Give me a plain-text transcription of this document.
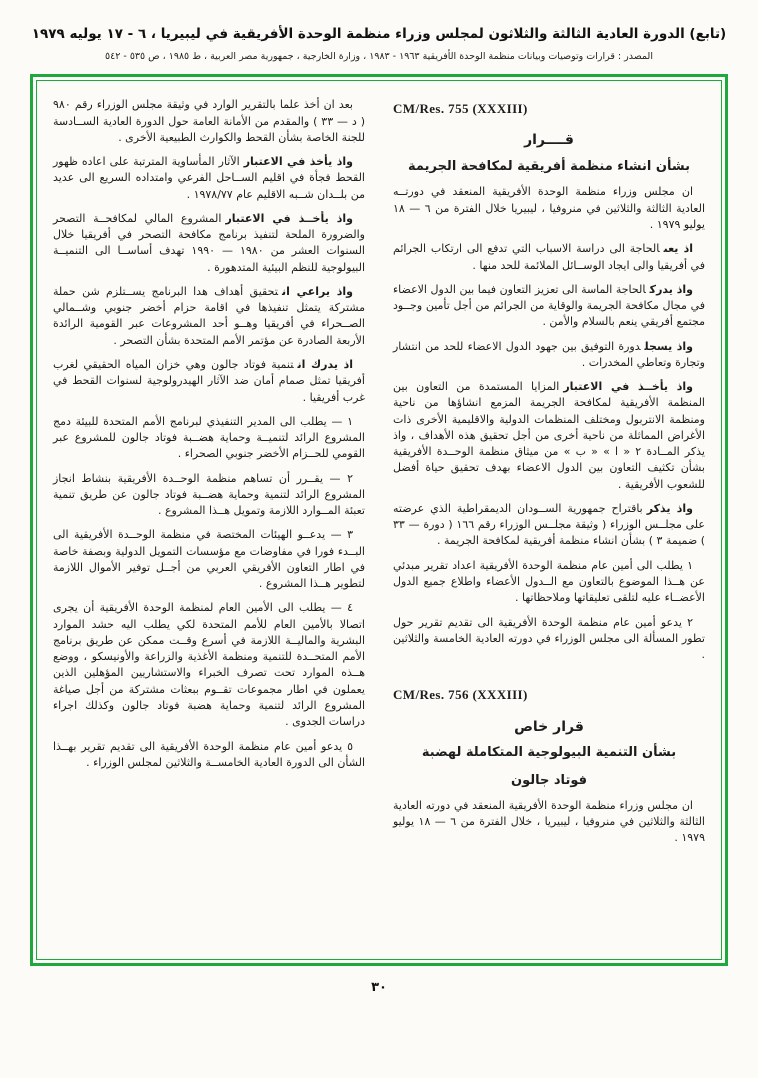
(تابع) الدورة العادية الثالثة والثلاثون لمجلس وزراء منظمة الوحدة الأفريقية في ليبيريا ، ٦ - ١٧ يوليه ١٩٧٩
المصدر : قرارات وتوصيات وبيانات منظمة الوحدة الأفريقية ١٩٦٣ - ١٩٨٣ ، وزارة الخارجية ، جمهورية مصر العربية ، ط ١٩٨٥ ، ص ٥٣٥ - ٥٤٢
CM/Res. 755 (XXXIII)
قــــرار
بشأن انشاء منظمة أفريقية لمكافحة الجريمة

ان مجلس وزراء منظمة الوحدة الأفريقية المنعقد في دورتــه العادية الثالثة والثلاثين في منروفيا ، ليبيريا خلال الفترة من ٦ — ١٨ يوليو ١٩٧٩ .

اذ يعىالحاجة الى دراسة الاسباب التي تدفع الى ارتكاب الجرائم في أفريقيا والى ايجاد الوســائل الملائمة للحد منها .

واذ يدركالحاجة الماسة الى تعزيز التعاون فيما بين الدول الاعضاء في مجال مكافحة الجريمة والوقاية من الجرائم من أجل تأمين وجــود مجتمع أفريقي ينعم بالسلام والأمن .

واذ يسجلدورة التوفيق بين جهود الدول الاعضاء للحد من انتشار وتجارة وتعاطي المخدرات .

واذ يأخــذ في الاعتبارالمزايا المستمدة من التعاون بين المنظمة الأفريقية لمكافحة الجريمة المزمع انشاؤها من ناحية ومنظمة الانتربول ومختلف المنظمات الدولية والاقليمية الأخرى ذات الأغراض المماثلة من ناحية أخرى من أجل تحقيق هذه الأهداف ، واذ يذكر المــادة ٢ « ا » « ب » من ميثاق منظمة الوحــدة الأفريقية بشأن تكثيف التعاون بين الدول الاعضاء بهدف تحقيق حياة أفضل للشعوب الأفريقية .

واذ يذكرباقتراح جمهورية الســودان الديمقراطية الذي عرضته على مجلــس الوزراء ( وثيقة مجلــس الوزراء رقم ١٦٦ ( دورة — ٣٣ ) ضميمة ٣ ) بشأن انشاء منظمة أفريقية لمكافحة الجريمة .

١ يطلب الى أمين عام منظمة الوحدة الأفريقية اعداد تقرير مبدئي عن هــذا الموضوع بالتعاون مع الــدول الأعضاء واطلاع جميع الدول الأعضــاء عليه لتلقى تعليقاتها وملاحظاتها .

٢ يدعو أمين عام منظمة الوحدة الأفريقية الى تقديم تقرير حول تطور المسألة الى مجلس الوزراء في دورته العادية الخامسة والثلاثين .

CM/Res. 756 (XXXIII)
قرار خاص
بشأن التنمية البيولوجية المتكاملة لهضبة
فوتاد جالون

ان مجلس وزراء منظمة الوحدة الأفريقية المنعقد في دورته العادية الثالثة والثلاثين في منروفيا ، ليبيريا ، خلال الفترة من ٦ — ١٨ يوليو ١٩٧٩ .

بعد ان أخذ علما بالتقرير الوارد في وثيقة مجلس الوزراء رقم ٩٨٠ ( د — ٣٣ ) والمقدم من الأمانة العامة حول الدورة العادية الســادسة للجنة الخاصة بشأن القحط والكوارث الطبيعية الأخرى .

واذ يأخذ في الاعتبارالآثار المأساوية المترتبة على اعاده ظهور القحط فجأة في اقليم الســاحل الفرعي وامتداده السريع الى عديد من بلــدان شــبه الاقليم عام ١٩٧٨/٧٧ .

واذ يأخــذ في الاعتبارالمشروع المالي لمكافحــة التصحر والضرورة الملحة لتنفيذ برنامج مكافحة التصحر في أفريقيا خلال السنوات العشر من ١٩٨٠ — ١٩٩٠ تهدف أساســا الى التنميــة البيولوجية للنظم البيئية المتدهورة .

واذ يراعي انتحقيق أهداف هدا البرنامج يســتلزم شن حملة مشتركة يتمثل تنفيذها في اقامة حزام أخضر جنوبي وشــمالي الصــحراء في أفريقيا وهــو أحد المشروعات عبر القومية الرائدة الأربعة الصادرة عن مؤتمر الأمم المتحدة بشأن التصحر .

اذ يدرك انتنمية فوتاد جالون وهي خزان المياه الحقيقي لغرب أفريقيا تمثل صمام أمان ضد الآثار الهيدرولوجية لسنوات القحط في غرب أفريقيا .

١ — يطلب الى المدير التنفيذي لبرنامج الأمم المتحدة للبيئة دمج المشروع الرائد لتنميــة وحماية هضــبة فوتاد جالون للمشروع عبر القومي للحــزام الأخضر جنوبي الصحراء .

٢ — يقــرر أن تساهم منظمة الوحــدة الأفريقية بنشاط انجاز المشروع الرائد لتنمية وحماية هضــبة فوتاد جالون عن طريق تنمية تعبئة المــوارد اللازمة وتمويل هــذا المشروع .

٣ — يدعــو الهيئات المختصة في منظمة الوحــدة الأفريقية الى البــدء فورا في مفاوضات مع مؤسسات التمويل الدولية وبصفة خاصة في اطار التعاون الأفريقي العربي من أجــل توفير الأموال اللازمة لتطوير هــذا المشروع .

٤ — يطلب الى الأمين العام لمنظمة الوحدة الأفريقية أن يجرى اتصالا بالأمين العام للأمم المتحدة لكي يطلب اليه حشد الموارد البشرية والماليــة اللازمة في أسرع وقــت ممكن عن طريق برنامج الأمم المتحــدة للتنمية ومنظمة الأغذية والزراعة والأونيسكو ، ووضع هــذه الموارد تحت تصرف الخبراء والاستشاريين المؤهلين الذين يعملون في اطار مجموعات تقــوم ببعثات مشتركة من أجل صياغة المشروع الرائد لتنمية وحماية هضبة فوتاد جالون وكذلك اجراء دراسات الجدوى .

٥ يدعو أمين عام منظمة الوحدة الأفريقية الى تقديم تقرير بهــذا الشأن الى الدورة العادية الخامســة والثلاثين لمجلس الوزراء .

٣٠
